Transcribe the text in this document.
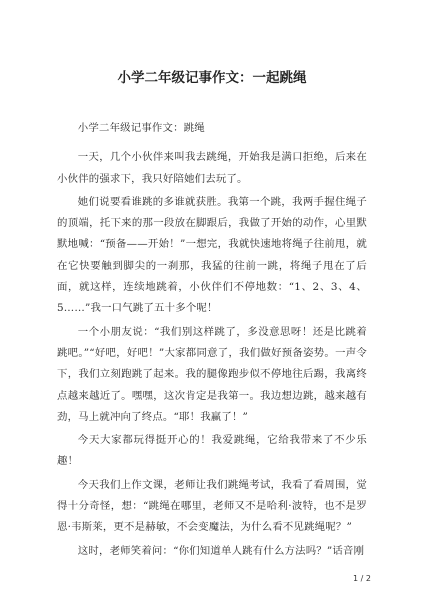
小学二年级记事作文：一起跳绳

小学二年级记事作文：跳绳

一天，几个小伙伴来叫我去跳绳，开始我是满口拒绝，后来在小伙伴的强求下，我只好陪她们去玩了。

她们说要看谁跳的多谁就获胜。我第一个跳，我两手握住绳子的顶端，托下来的那一段放在脚跟后，我做了开始的动作，心里默默地喊：“预备——开始！”一想完，我就快速地将绳子往前甩，就在它快要触到脚尖的一刹那，我猛的往前一跳，将绳子甩在了后面，就这样，连续地跳着，小伙伴们不停地数：“1、2、3、4、5……”我一口气跳了五十多个呢！

一个小朋友说：“我们别这样跳了，多没意思呀！还是比跳着跳吧。”“好吧，好吧！”大家都同意了，我们做好预备姿势。一声令下，我们立刻跑跳了起来。我的腿像跑步似不停地往后踢，我离终点越来越近了。嘿嘿，这次肯定是我第一。我边想边跳，越来越有劲，马上就冲向了终点。“耶！我赢了！”

今天大家都玩得挺开心的！我爱跳绳，它给我带来了不少乐趣！

今天我们上作文课，老师让我们跳绳考试，我看了看周围，觉得十分奇怪，想：“跳绳在哪里，老师又不是哈利·波特，也不是罗恩·韦斯莱，更不是赫敏，不会变魔法，为什么看不见跳绳呢？”

这时，老师笑着问：“你们知道单人跳有什么方法吗？”话音刚

1 / 2
